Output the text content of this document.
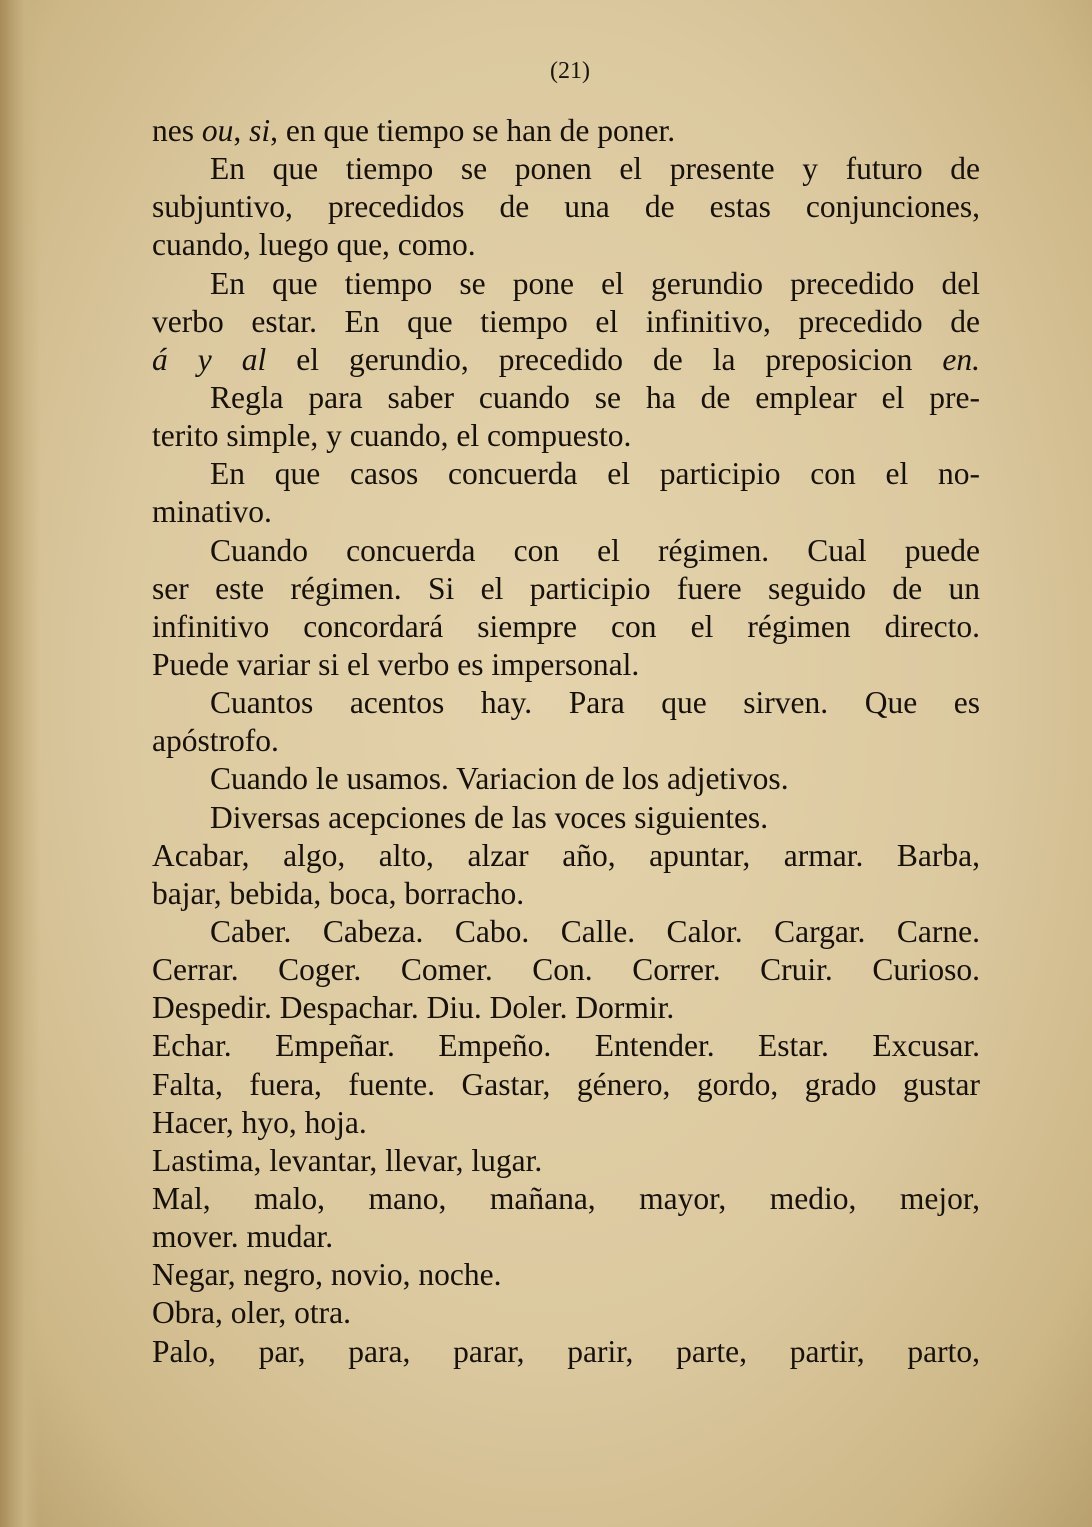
(21)
nes ou, si, en que tiempo se han de poner.
En que tiempo se ponen el presente y futuro de
subjuntivo, precedidos de una de estas conjunciones,
cuando, luego que, como.
En que tiempo se pone el gerundio precedido del
verbo estar. En que tiempo el infinitivo, precedido de
á y al el gerundio, precedido de la preposicion en.
Regla para saber cuando se ha de emplear el pre-
terito simple, y cuando, el compuesto.
En que casos concuerda el participio con el no-
minativo.
Cuando concuerda con el régimen. Cual puede
ser este régimen. Si el participio fuere seguido de un
infinitivo concordará siempre con el régimen directo.
Puede variar si el verbo es impersonal.
Cuantos acentos hay. Para que sirven. Que es
apóstrofo.
Cuando le usamos. Variacion de los adjetivos.
Diversas acepciones de las voces siguientes.
Acabar, algo, alto, alzar año, apuntar, armar. Barba,
bajar, bebida, boca, borracho.
Caber. Cabeza. Cabo. Calle. Calor. Cargar. Carne.
Cerrar. Coger. Comer. Con. Correr. Cruir. Curioso.
Despedir. Despachar. Diu. Doler. Dormir.
Echar. Empeñar. Empeño. Entender. Estar. Excusar.
Falta, fuera, fuente. Gastar, género, gordo, grado gustar
Hacer, hyo, hoja.
Lastima, levantar, llevar, lugar.
Mal, malo, mano, mañana, mayor, medio, mejor,
mover. mudar.
Negar, negro, novio, noche.
Obra, oler, otra.
Palo, par, para, parar, parir, parte, partir, parto,
